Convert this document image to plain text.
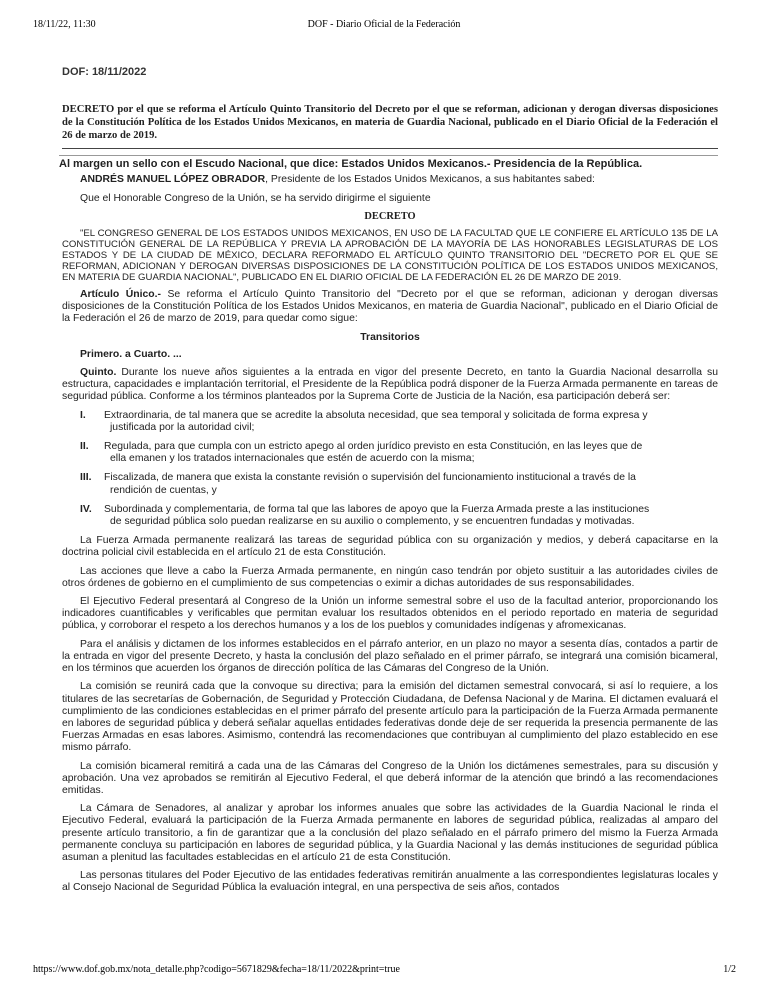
18/11/22, 11:30	DOF - Diario Oficial de la Federación
DOF: 18/11/2022
DECRETO por el que se reforma el Artículo Quinto Transitorio del Decreto por el que se reforman, adicionan y derogan diversas disposiciones de la Constitución Política de los Estados Unidos Mexicanos, en materia de Guardia Nacional, publicado en el Diario Oficial de la Federación el 26 de marzo de 2019.
Al margen un sello con el Escudo Nacional, que dice: Estados Unidos Mexicanos.- Presidencia de la República.

ANDRÉS MANUEL LÓPEZ OBRADOR, Presidente de los Estados Unidos Mexicanos, a sus habitantes sabed:

Que el Honorable Congreso de la Unión, se ha servido dirigirme el siguiente

DECRETO

"EL CONGRESO GENERAL DE LOS ESTADOS UNIDOS MEXICANOS, EN USO DE LA FACULTAD QUE LE CONFIERE EL ARTÍCULO 135 DE LA CONSTITUCIÓN GENERAL DE LA REPÚBLICA Y PREVIA LA APROBACIÓN DE LA MAYORÍA DE LAS HONORABLES LEGISLATURAS DE LOS ESTADOS Y DE LA CIUDAD DE MÉXICO, DECLARA REFORMADO EL ARTÍCULO QUINTO TRANSITORIO DEL "DECRETO POR EL QUE SE REFORMAN, ADICIONAN Y DEROGAN DIVERSAS DISPOSICIONES DE LA CONSTITUCIÓN POLÍTICA DE LOS ESTADOS UNIDOS MEXICANOS, EN MATERIA DE GUARDIA NACIONAL", PUBLICADO EN EL DIARIO OFICIAL DE LA FEDERACIÓN EL 26 DE MARZO DE 2019.

Artículo Único.- Se reforma el Artículo Quinto Transitorio del "Decreto por el que se reforman, adicionan y derogan diversas disposiciones de la Constitución Política de los Estados Unidos Mexicanos, en materia de Guardia Nacional", publicado en el Diario Oficial de la Federación el 26 de marzo de 2019, para quedar como sigue:

Transitorios

Primero. a Cuarto. ...

Quinto. Durante los nueve años siguientes a la entrada en vigor del presente Decreto, en tanto la Guardia Nacional desarrolla su estructura, capacidades e implantación territorial, el Presidente de la República podrá disponer de la Fuerza Armada permanente en tareas de seguridad pública. Conforme a los términos planteados por la Suprema Corte de Justicia de la Nación, esa participación deberá ser:

I.	Extraordinaria, de tal manera que se acredite la absoluta necesidad, que sea temporal y solicitada de forma expresa y
justificada por la autoridad civil;
II.	Regulada, para que cumpla con un estricto apego al orden jurídico previsto en esta Constitución, en las leyes que de
ella emanen y los tratados internacionales que estén de acuerdo con la misma;
III.	Fiscalizada, de manera que exista la constante revisión o supervisión del funcionamiento institucional a través de la
rendición de cuentas, y
IV.	Subordinada y complementaria, de forma tal que las labores de apoyo que la Fuerza Armada preste a las instituciones
de seguridad pública solo puedan realizarse en su auxilio o complemento, y se encuentren fundadas y motivadas.

La Fuerza Armada permanente realizará las tareas de seguridad pública con su organización y medios, y deberá capacitarse en la doctrina policial civil establecida en el artículo 21 de esta Constitución.

Las acciones que lleve a cabo la Fuerza Armada permanente, en ningún caso tendrán por objeto sustituir a las autoridades civiles de otros órdenes de gobierno en el cumplimiento de sus competencias o eximir a dichas autoridades de sus responsabilidades.

El Ejecutivo Federal presentará al Congreso de la Unión un informe semestral sobre el uso de la facultad anterior, proporcionando los indicadores cuantificables y verificables que permitan evaluar los resultados obtenidos en el periodo reportado en materia de seguridad pública, y corroborar el respeto a los derechos humanos y a los de los pueblos y comunidades indígenas y afromexicanas.

Para el análisis y dictamen de los informes establecidos en el párrafo anterior, en un plazo no mayor a sesenta días, contados a partir de la entrada en vigor del presente Decreto, y hasta la conclusión del plazo señalado en el primer párrafo, se integrará una comisión bicameral, en los términos que acuerden los órganos de dirección política de las Cámaras del Congreso de la Unión.

La comisión se reunirá cada que la convoque su directiva; para la emisión del dictamen semestral convocará, si así lo requiere, a los titulares de las secretarías de Gobernación, de Seguridad y Protección Ciudadana, de Defensa Nacional y de Marina. El dictamen evaluará el cumplimiento de las condiciones establecidas en el primer párrafo del presente artículo para la participación de la Fuerza Armada permanente en labores de seguridad pública y deberá señalar aquellas entidades federativas donde deje de ser requerida la presencia permanente de las Fuerzas Armadas en esas labores. Asimismo, contendrá las recomendaciones que contribuyan al cumplimiento del plazo establecido en ese mismo párrafo.

La comisión bicameral remitirá a cada una de las Cámaras del Congreso de la Unión los dictámenes semestrales, para su discusión y aprobación. Una vez aprobados se remitirán al Ejecutivo Federal, el que deberá informar de la atención que brindó a las recomendaciones emitidas.

La Cámara de Senadores, al analizar y aprobar los informes anuales que sobre las actividades de la Guardia Nacional le rinda el Ejecutivo Federal, evaluará la participación de la Fuerza Armada permanente en labores de seguridad pública, realizadas al amparo del presente artículo transitorio, a fin de garantizar que a la conclusión del plazo señalado en el párrafo primero del mismo la Fuerza Armada permanente concluya su participación en labores de seguridad pública, y la Guardia Nacional y las demás instituciones de seguridad pública asuman a plenitud las facultades establecidas en el artículo 21 de esta Constitución.

Las personas titulares del Poder Ejecutivo de las entidades federativas remitirán anualmente a las correspondientes legislaturas locales y al Consejo Nacional de Seguridad Pública la evaluación integral, en una perspectiva de seis años, contados

https://www.dof.gob.mx/nota_detalle.php?codigo=5671829&fecha=18/11/2022&print=true	1/2
